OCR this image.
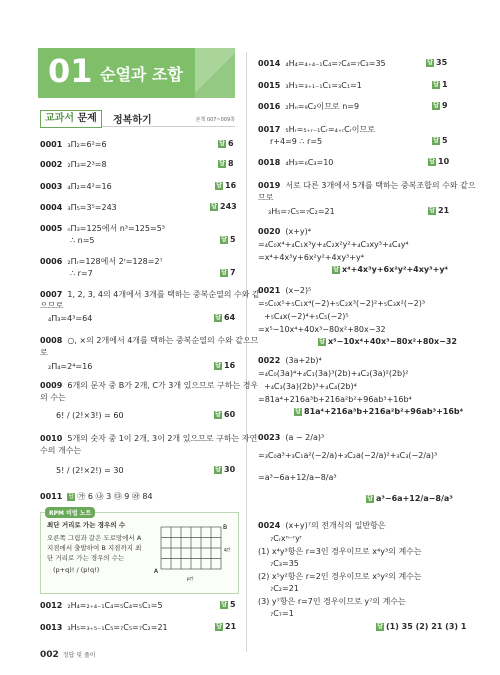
01 순열과 조합
교과서 문제	정복하기	본책 007~009쪽
0001 ₃Π₂=6²=6	답 6
0002 ₂Π₃=2³=8	답 8
0003 ₄Π₂=4²=16	답 16
0004 ₃Π₅=3⁵=243	답 243
0005 ₙΠ₃=125에서 n³=125=5³
∴ n=5	답 5
0006 ₂Πᵣ=128에서 2ʳ=128=2⁷
∴ r=7	답 7
0007 1, 2, 3, 4의 4개에서 3개를 택하는 중복순열의 수와 같
으므로
₄Π₃=4³=64	답 64
0008 ○, ×의 2개에서 4개를 택하는 중복순열의 수와 같으므
로
₂Π₄=2⁴=16	답 16
0009 6개의 문자 중 B가 2개, C가 3개 있으므로 구하는 경우
의 수는
6! / (2!×3!) = 60	답 60
0010 5개의 숫자 중 1이 2개, 3이 2개 있으므로 구하는 자연
수의 개수는
5! / (2!×2!) = 30	답 30
0011 답 ㉮ 6 ㉯ 3 ㉰ 9 ㉱ 84
RPM 비법 노트
최단 거리로 가는 경우의 수
오른쪽 그림과 같은 도로망에서 A
지점에서 출발하여 B 지점까지 최
단 거리로 가는 경우의 수는
(p+q)! / (p!q!)	A
B
q칸
p칸
0012 ₂H₄=₂₊₄₋₁C₄=₅C₄=₅C₁=5	답 5
0013 ₃H₅=₃₊₅₋₁C₅=₇C₅=₇C₂=21	답 21
0014 ₄H₄=₄₊₄₋₁C₄=₇C₄=₇C₃=35	답 35
0015 ₃H₁=₃₊₁₋₁C₁=₃C₁=1	답 1
0016 ₂Hₙ=₉C₂이므로 n=9	답 9
0017 ₅Hᵣ=₅₊ᵣ₋₁Cᵣ=₄₊ᵣCᵣ이므로
r+4=9 ∴ r=5	답 5
0018 ₄H₃=₆C₃=10	답 10
0019 서로 다른 3개에서 5개를 택하는 중복조합의 수와 같으
므로
₃H₅=₇C₅=₇C₂=21	답 21
0020 (x+y)⁴
=₄C₀x⁴+₄C₁x³y+₄C₂x²y²+₄C₃xy³+₄C₄y⁴
=x⁴+4x³y+6x²y²+4xy³+y⁴
답 x⁴+4x³y+6x²y²+4xy³+y⁴
0021 (x−2)⁵
=₅C₀x⁵+₅C₁x⁴(−2)+₅C₂x³(−2)²+₅C₃x²(−2)³
+₅C₄x(−2)⁴+₅C₅(−2)⁵
=x⁵−10x⁴+40x³−80x²+80x−32
답 x⁵−10x⁴+40x³−80x²+80x−32
0022 (3a+2b)⁴
=₄C₀(3a)⁴+₄C₁(3a)³(2b)+₄C₂(3a)²(2b)²
+₄C₃(3a)(2b)³+₄C₄(2b)⁴
=81a⁴+216a³b+216a²b²+96ab³+16b⁴
답 81a⁴+216a³b+216a²b²+96ab³+16b⁴
0023 (a − 2/a)³
=₃C₀a³+₃C₁a²(−2/a)+₃C₂a(−2/a)²+₃C₃(−2/a)³
=a³−6a+12/a−8/a³
답 a³−6a+12/a−8/a³
0024 (x+y)⁷의 전개식의 일반항은
₇Cᵣxⁿ⁻ʳyʳ
(1) x⁴y³항은 r=3인 경우이므로 x⁴y³의 계수는
₇C₃=35
(2) x⁵y²항은 r=2인 경우이므로 x⁵y²의 계수는
₇C₂=21
(3) y⁷항은 r=7인 경우이므로 y⁷의 계수는
₇C₇=1
답 (1) 35 (2) 21 (3) 1
002 정답 및 풀이
